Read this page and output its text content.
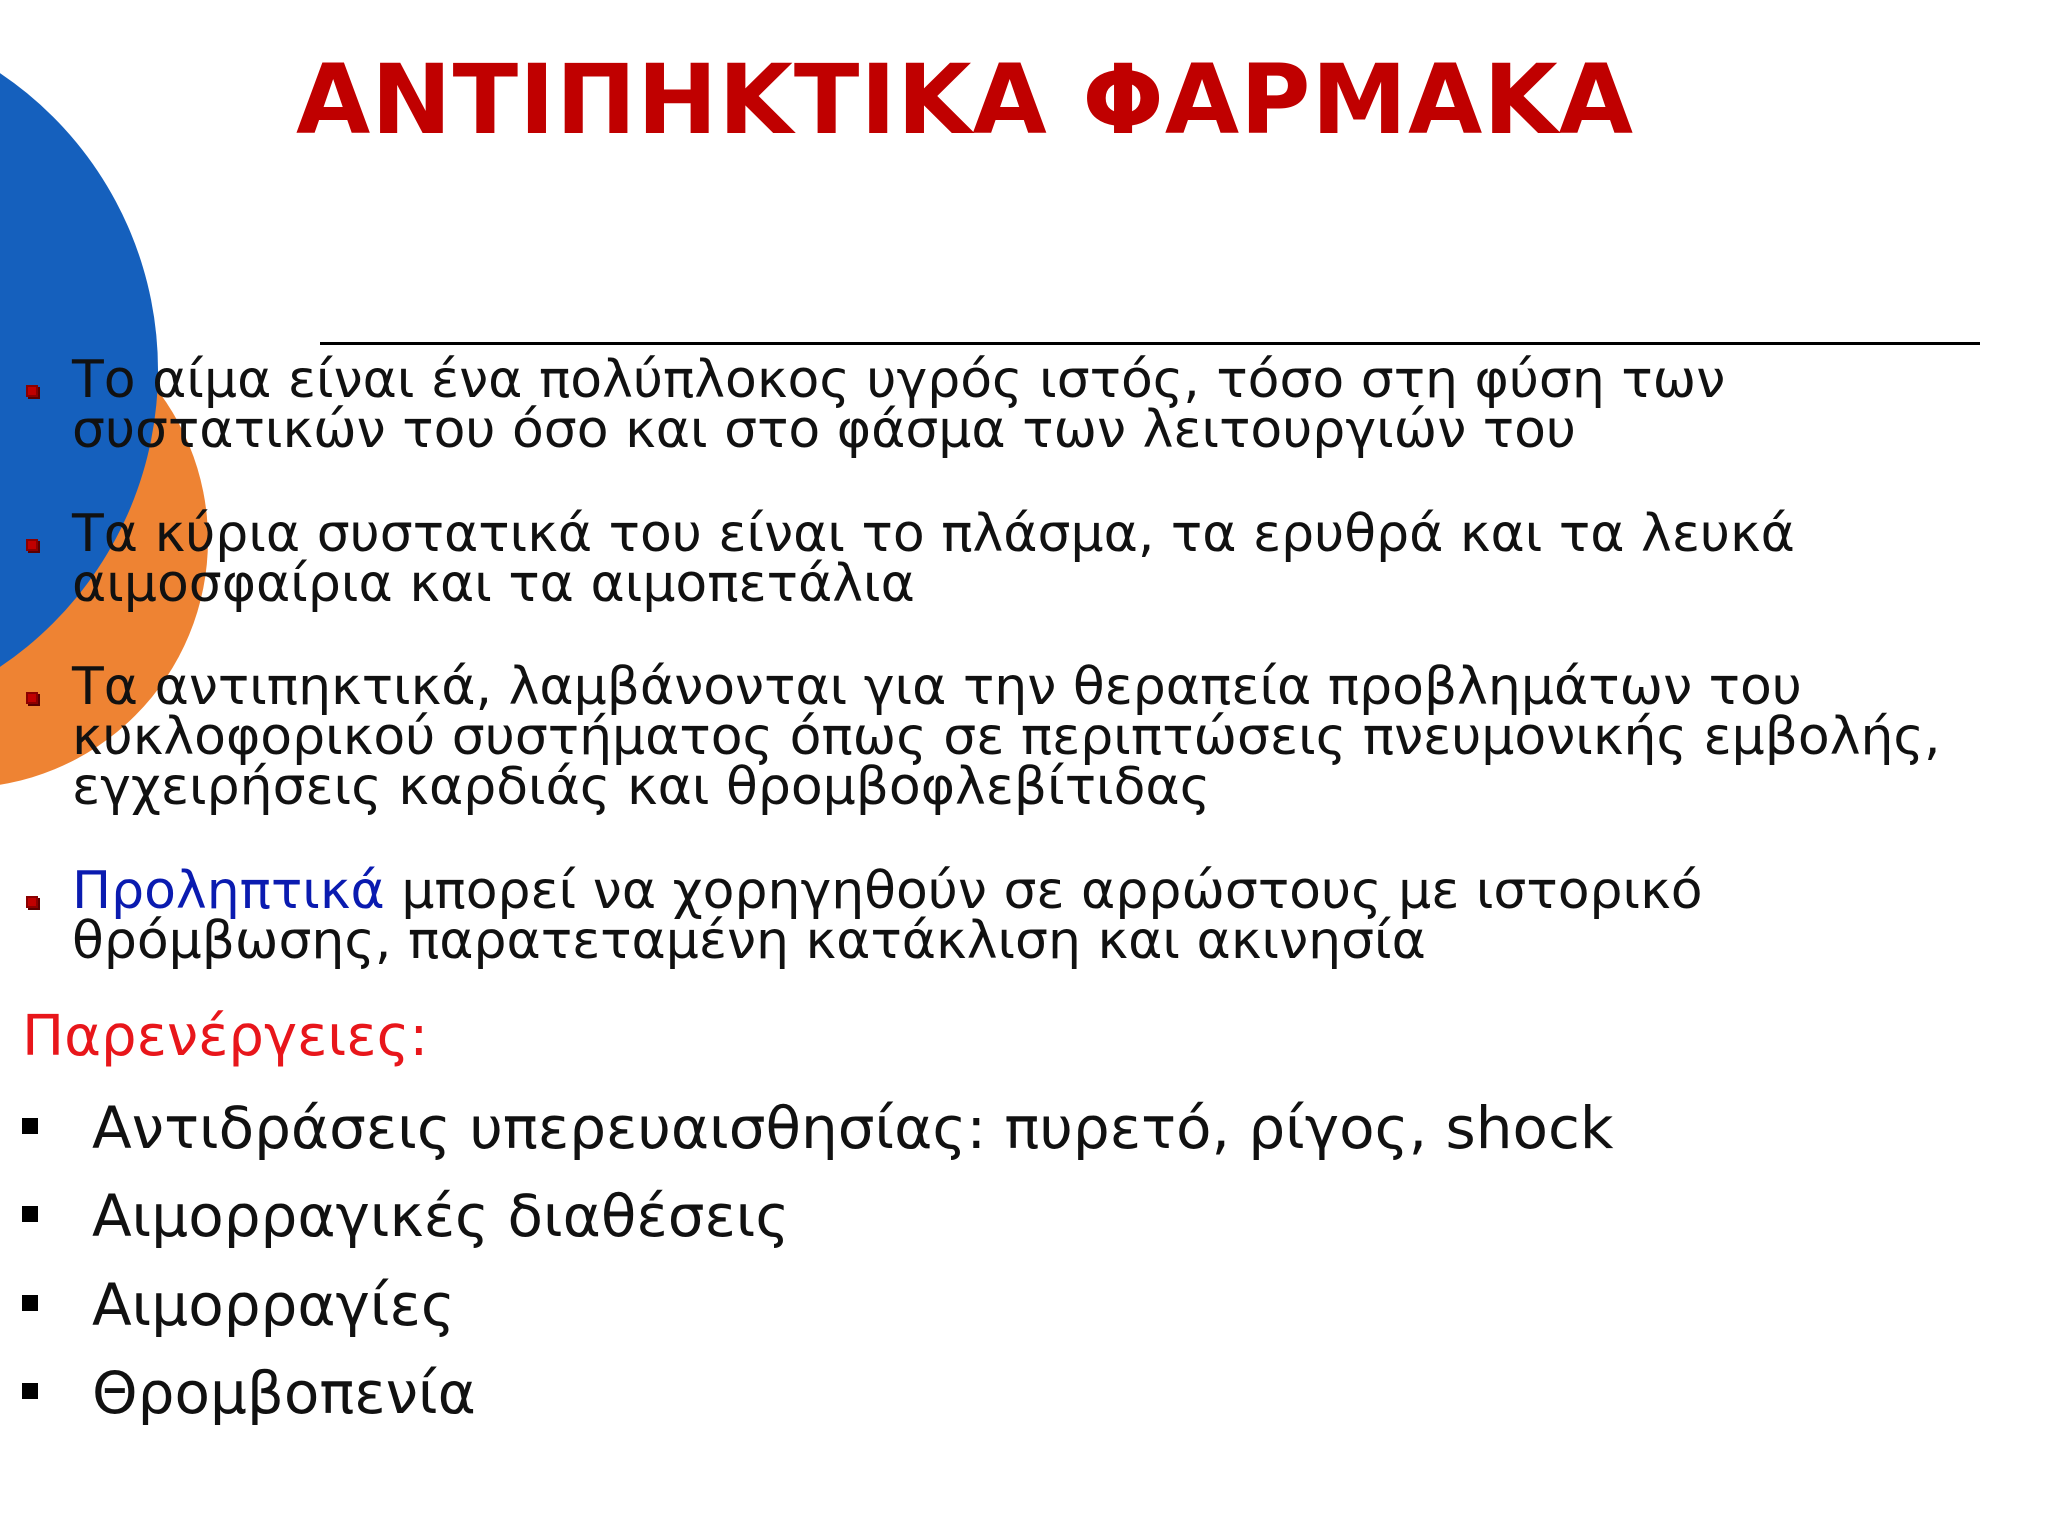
ΑΝΤΙΠΗΚΤΙΚΑ ΦΑΡΜΑΚΑ
Το αίμα είναι ένα πολύπλοκος υγρός ιστός, τόσο στη φύση των
συστατικών του όσο και στο φάσμα των λειτουργιών του
Τα κύρια συστατικά του είναι το πλάσμα, τα ερυθρά και τα λευκά
αιμοσφαίρια και τα αιμοπετάλια
Τα αντιπηκτικά, λαμβάνονται για την θεραπεία προβλημάτων του
κυκλοφορικού συστήματος όπως σε περιπτώσεις πνευμονικής εμβολής,
εγχειρήσεις καρδιάς και θρομβοφλεβίτιδας
Προληπτικά μπορεί να χορηγηθούν σε αρρώστους με ιστορικό
θρόμβωσης, παρατεταμένη κατάκλιση και ακινησία
Παρενέργειες:
Αντιδράσεις υπερευαισθησίας: πυρετό, ρίγος, shock
Αιμορραγικές διαθέσεις
Αιμορραγίες
Θρομβοπενία
